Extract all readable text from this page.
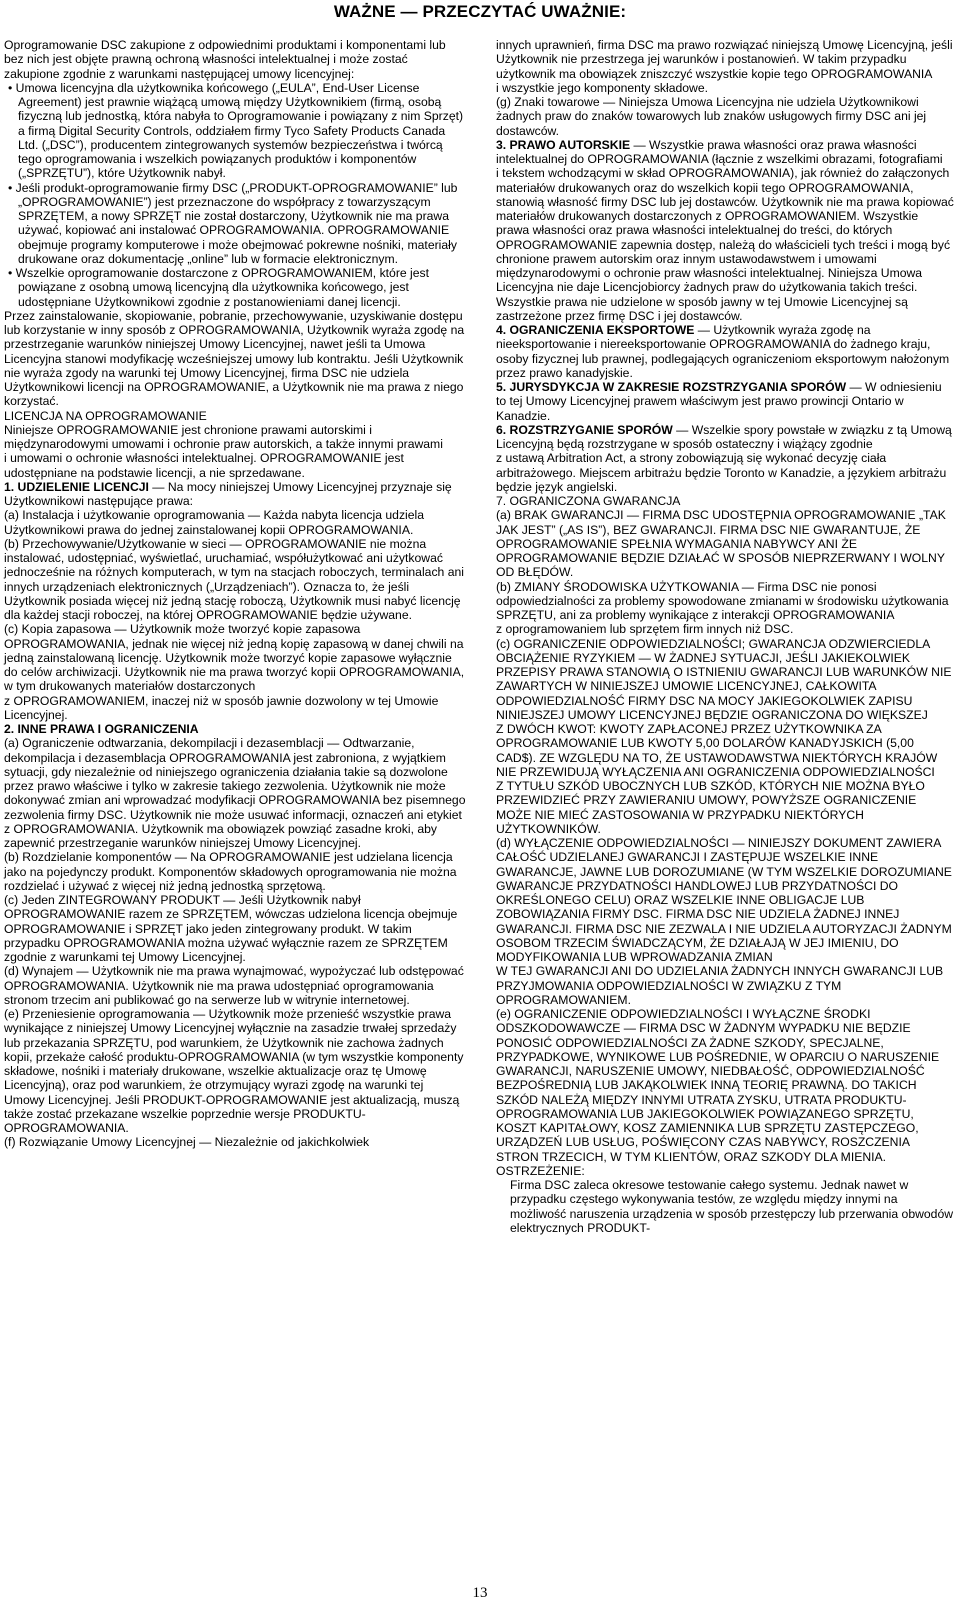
WAŻNE — PRZECZYTAĆ UWAŻNIE:
Oprogramowanie DSC zakupione z odpowiednimi produktami i komponentami lub bez nich jest objęte prawną ochroną własności intelektualnej i może zostać zakupione zgodnie z warunkami następującej umowy licencyjnej:
• Umowa licencyjna dla użytkownika końcowego („EULA”, End-User License Agreement) jest prawnie wiążącą umową między Użytkownikiem (firmą, osobą fizyczną lub jednostką, która nabyła to Oprogramowanie i powiązany z nim Sprzęt) a firmą Digital Security Controls, oddziałem firmy Tyco Safety Products Canada Ltd. („DSC”), producentem zintegrowanych systemów bezpieczeństwa i twórcą tego oprogramowania i wszelkich powiązanych produktów i komponentów („SPRZĘTU”), które Użytkownik nabył.
• Jeśli produkt-oprogramowanie firmy DSC („PRODUKT-OPROGRAMOWANIE” lub „OPROGRAMOWANIE”) jest przeznaczone do współpracy z towarzyszącym SPRZĘTEM, a nowy SPRZĘT nie został dostarczony, Użytkownik nie ma prawa używać, kopiować ani instalować OPROGRAMOWANIA. OPROGRAMOWANIE obejmuje programy komputerowe i może obejmować pokrewne nośniki, materiały drukowane oraz dokumentację „online” lub w formacie elektronicznym.
• Wszelkie oprogramowanie dostarczone z OPROGRAMOWANIEM, które jest powiązane z osobną umową licencyjną dla użytkownika końcowego, jest udostępniane Użytkownikowi zgodnie z postanowieniami danej licencji.
Przez zainstalowanie, skopiowanie, pobranie, przechowywanie, uzyskiwanie dostępu lub korzystanie w inny sposób z OPROGRAMOWANIA, Użytkownik wyraża zgodę na przestrzeganie warunków niniejszej Umowy Licencyjnej, nawet jeśli ta Umowa Licencyjna stanowi modyfikację wcześniejszej umowy lub kontraktu. Jeśli Użytkownik nie wyraża zgody na warunki tej Umowy Licencyjnej, firma DSC nie udziela Użytkownikowi licencji na OPROGRAMOWANIE, a Użytkownik nie ma prawa z niego korzystać.
LICENCJA NA OPROGRAMOWANIE
Niniejsze OPROGRAMOWANIE jest chronione prawami autorskimi i międzynarodowymi umowami i ochronie praw autorskich, a także innymi prawami
i umowami o ochronie własności intelektualnej. OPROGRAMOWANIE jest udostępniane na podstawie licencji, a nie sprzedawane.
1. UDZIELENIE LICENCJI — Na mocy niniejszej Umowy Licencyjnej przyznaje się Użytkownikowi następujące prawa:
(a) Instalacja i użytkowanie oprogramowania — Każda nabyta licencja udziela Użytkownikowi prawa do jednej zainstalowanej kopii OPROGRAMOWANIA.
(b) Przechowywanie/Użytkowanie w sieci — OPROGRAMOWANIE nie można instalować, udostępniać, wyświetlać, uruchamiać, współużytkować ani użytkować jednocześnie na różnych komputerach, w tym na stacjach roboczych, terminalach ani innych urządzeniach elektronicznych („Urządzeniach”). Oznacza to, że jeśli Użytkownik posiada więcej niż jedną stację roboczą, Użytkownik musi nabyć licencję dla każdej stacji roboczej, na której OPROGRAMOWANIE będzie używane.
(c) Kopia zapasowa — Użytkownik może tworzyć kopie zapasowa OPROGRAMOWANIA, jednak nie więcej niż jedną kopię zapasową w danej chwili na jedną zainstalowaną licencję. Użytkownik może tworzyć kopie zapasowe wyłącznie do celów archiwizacji. Użytkownik nie ma prawa tworzyć kopii OPROGRAMOWANIA, w tym drukowanych materiałów dostarczonych
z OPROGRAMOWANIEM, inaczej niż w sposób jawnie dozwolony w tej Umowie Licencyjnej.
2. INNE PRAWA I OGRANICZENIA
(a) Ograniczenie odtwarzania, dekompilacji i dezasemblacji — Odtwarzanie, dekompilacja i dezasemblacja OPROGRAMOWANIA jest zabroniona, z wyjątkiem sytuacji, gdy niezależnie od niniejszego ograniczenia działania takie są dozwolone przez prawo właściwe i tylko w zakresie takiego zezwolenia. Użytkownik nie może dokonywać zmian ani wprowadzać modyfikacji OPROGRAMOWANIA bez pisemnego zezwolenia firmy DSC. Użytkownik nie może usuwać informacji, oznaczeń ani etykiet z OPROGRAMOWANIA. Użytkownik ma obowiązek powziąć zasadne kroki, aby zapewnić przestrzeganie warunków niniejszej Umowy Licencyjnej.
(b) Rozdzielanie komponentów — Na OPROGRAMOWANIE jest udzielana licencja jako na pojedynczy produkt. Komponentów składowych oprogramowania nie można rozdzielać i używać z więcej niż jedną jednostką sprzętową.
(c) Jeden ZINTEGROWANY PRODUKT — Jeśli Użytkownik nabył OPROGRAMOWANIE razem ze SPRZĘTEM, wówczas udzielona licencja obejmuje OPROGRAMOWANIE i SPRZĘT jako jeden zintegrowany produkt. W takim przypadku OPROGRAMOWANIA można używać wyłącznie razem ze SPRZĘTEM zgodnie z warunkami tej Umowy Licencyjnej.
(d) Wynajem — Użytkownik nie ma prawa wynajmować, wypożyczać lub odstępować OPROGRAMOWANIA. Użytkownik nie ma prawa udostępniać oprogramowania stronom trzecim ani publikować go na serwerze lub w witrynie internetowej.
(e) Przeniesienie oprogramowania — Użytkownik może przenieść wszystkie prawa wynikające z niniejszej Umowy Licencyjnej wyłącznie na zasadzie trwałej sprzedaży lub przekazania SPRZĘTU, pod warunkiem, że Użytkownik nie zachowa żadnych kopii, przekaże całość produktu-OPROGRAMOWANIA (w tym wszystkie komponenty składowe, nośniki i materiały drukowane, wszelkie aktualizacje oraz tę Umowę Licencyjną), oraz pod warunkiem, że otrzymujący wyrazi zgodę na warunki tej Umowy Licencyjnej. Jeśli PRODUKT-OPROGRAMOWANIE jest aktualizacją, muszą także zostać przekazane wszelkie poprzednie wersje PRODUKTU-OPROGRAMOWANIA.
(f) Rozwiązanie Umowy Licencyjnej — Niezależnie od jakichkolwiek
innych uprawnień, firma DSC ma prawo rozwiązać niniejszą Umowę Licencyjną, jeśli Użytkownik nie przestrzega jej warunków i postanowień. W takim przypadku użytkownik ma obowiązek zniszczyć wszystkie kopie tego OPROGRAMOWANIA
i wszystkie jego komponenty składowe.
(g) Znaki towarowe — Niniejsza Umowa Licencyjna nie udziela Użytkownikowi żadnych praw do znaków towarowych lub znaków usługowych firmy DSC ani jej dostawców.
3. PRAWO AUTORSKIE — Wszystkie prawa własności oraz prawa własności intelektualnej do OPROGRAMOWANIA (łącznie z wszelkimi obrazami, fotografiami
i tekstem wchodzącymi w skład OPROGRAMOWANIA), jak również do załączonych materiałów drukowanych oraz do wszelkich kopii tego OPROGRAMOWANIA, stanowią własność firmy DSC lub jej dostawców. Użytkownik nie ma prawa kopiować materiałów drukowanych dostarczonych z OPROGRAMOWANIEM. Wszystkie prawa własności oraz prawa własności intelektualnej do treści, do których OPROGRAMOWANIE zapewnia dostęp, należą do właścicieli tych treści i mogą być chronione prawem autorskim oraz innym ustawodawstwem i umowami międzynarodowymi o ochronie praw własności intelektualnej. Niniejsza Umowa Licencyjna nie daje Licencjobiorcy żadnych praw do użytkowania takich treści. Wszystkie prawa nie udzielone w sposób jawny w tej Umowie Licencyjnej są zastrzeżone przez firmę DSC i jej dostawców.
4. OGRANICZENIA EKSPORTOWE — Użytkownik wyraża zgodę na nieeksportowanie i niereeksportowanie OPROGRAMOWANIA do żadnego kraju, osoby fizycznej lub prawnej, podlegających ograniczeniom eksportowym nałożonym przez prawo kanadyjskie.
5. JURYSDYKCJA W ZAKRESIE ROZSTRZYGANIA SPORÓW — W odniesieniu to tej Umowy Licencyjnej prawem właściwym jest prawo prowincji Ontario w Kanadzie.
6. ROZSTRZYGANIE SPORÓW — Wszelkie spory powstałe w związku z tą Umową Licencyjną będą rozstrzygane w sposób ostateczny i wiążący zgodnie
z ustawą Arbitration Act, a strony zobowiązują się wykonać decyzję ciała arbitrażowego. Miejscem arbitrażu będzie Toronto w Kanadzie, a językiem arbitrażu będzie język angielski.
7. OGRANICZONA GWARANCJA
(a) BRAK GWARANCJI — FIRMA DSC UDOSTĘPNIA OPROGRAMOWANIE „TAK JAK JEST” („AS IS”), BEZ GWARANCJI. FIRMA DSC NIE GWARANTUJE, ŻE OPROGRAMOWANIE SPEŁNIA WYMAGANIA NABYWCY ANI ŻE OPROGRAMOWANIE BĘDZIE DZIAŁAĆ W SPOSÓB NIEPRZERWANY I WOLNY OD BŁĘDÓW.
(b) ZMIANY ŚRODOWISKA UŻYTKOWANIA — Firma DSC nie ponosi odpowiedzialności za problemy spowodowane zmianami w środowisku użytkowania SPRZĘTU, ani za problemy wynikające z interakcji OPROGRAMOWANIA
z oprogramowaniem lub sprzętem firm innych niż DSC.
(c) OGRANICZENIE ODPOWIEDZIALNOŚCI; GWARANCJA ODZWIERCIEDLA OBCIĄŻENIE RYZYKIEM — W ŻADNEJ SYTUACJI, JEŚLI JAKIEKOLWIEK PRZEPISY PRAWA STANOWIĄ O ISTNIENIU GWARANCJI LUB WARUNKÓW NIE ZAWARTYCH W NINIEJSZEJ UMOWIE LICENCYJNEJ, CAŁKOWITA ODPOWIEDZIALNOŚĆ FIRMY DSC NA MOCY JAKIEGOKOLWIEK ZAPISU NINIEJSZEJ UMOWY LICENCYJNEJ BĘDZIE OGRANICZONA DO WIĘKSZEJ
Z DWÓCH KWOT: KWOTY ZAPŁACONEJ PRZEZ UŻYTKOWNIKA ZA OPROGRAMOWANIE LUB KWOTY 5,00 DOLARÓW KANADYJSKICH (5,00 CAD$). ZE WZGLĘDU NA TO, ŻE USTAWODAWSTWA NIEKTÓRYCH KRAJÓW NIE PRZEWIDUJĄ WYŁĄCZENIA ANI OGRANICZENIA ODPOWIEDZIALNOŚCI
Z TYTUŁU SZKÓD UBOCZNYCH LUB SZKÓD, KTÓRYCH NIE MOŻNA BYŁO PRZEWIDZIEĆ PRZY ZAWIERANIU UMOWY, POWYŻSZE OGRANICZENIE MOŻE NIE MIEĆ ZASTOSOWANIA W PRZYPADKU NIEKTÓRYCH UŻYTKOWNIKÓW.
(d) WYŁĄCZENIE ODPOWIEDZIALNOŚCI — NINIEJSZY DOKUMENT ZAWIERA CAŁOŚĆ UDZIELANEJ GWARANCJI I ZASTĘPUJE WSZELKIE INNE GWARANCJE, JAWNE LUB DOROZUMIANE (W TYM WSZELKIE DOROZUMIANE GWARANCJE PRZYDATNOŚCI HANDLOWEJ LUB PRZYDATNOŚCI DO OKREŚLONEGO CELU) ORAZ WSZELKIE INNE OBLIGACJE LUB ZOBOWIĄZANIA FIRMY DSC. FIRMA DSC NIE UDZIELA ŻADNEJ INNEJ GWARANCJI. FIRMA DSC NIE ZEZWALA I NIE UDZIELA AUTORYZACJI ŻADNYM OSOBOM TRZECIM ŚWIADCZĄCYM, ŻE DZIAŁAJĄ W JEJ IMIENIU, DO MODYFIKOWANIA LUB WPROWADZANIA ZMIAN
W TEJ GWARANCJI ANI DO UDZIELANIA ŻADNYCH INNYCH GWARANCJI LUB PRZYJMOWANIA ODPOWIEDZIALNOŚCI W ZWIĄZKU Z TYM OPROGRAMOWANIEM.
(e) OGRANICZENIE ODPOWIEDZIALNOŚCI I WYŁĄCZNE ŚRODKI ODSZKODOWAWCZE — FIRMA DSC W ŻADNYM WYPADKU NIE BĘDZIE PONOSIĆ ODPOWIEDZIALNOŚCI ZA ŻADNE SZKODY, SPECJALNE, PRZYPADKOWE, WYNIKOWE LUB POŚREDNIE, W OPARCIU O NARUSZENIE GWARANCJI, NARUSZENIE UMOWY, NIEDBAŁOŚĆ, ODPOWIEDZIALNOŚĆ BEZPOŚREDNIĄ LUB JAKĄKOLWIEK INNĄ TEORIĘ PRAWNĄ. DO TAKICH SZKÓD NALEŻĄ MIĘDZY INNYMI UTRATA ZYSKU, UTRATA PRODUKTU-OPROGRAMOWANIA LUB JAKIEGOKOLWIEK POWIĄZANEGO SPRZĘTU, KOSZT KAPITAŁOWY, KOSZ ZAMIENNIKA LUB SPRZĘTU ZASTĘPCZEGO, URZĄDZEŃ LUB USŁUG, POŚWIĘCONY CZAS NABYWCY, ROSZCZENIA STRON TRZECICH, W TYM KLIENTÓW, ORAZ SZKODY DLA MIENIA. OSTRZEŻENIE:
Firma DSC zaleca okresowe testowanie całego systemu. Jednak nawet w przypadku częstego wykonywania testów, ze względu między innymi na możliwość naruszenia urządzenia w sposób przestępczy lub przerwania obwodów elektrycznych PRODUKT-
13
